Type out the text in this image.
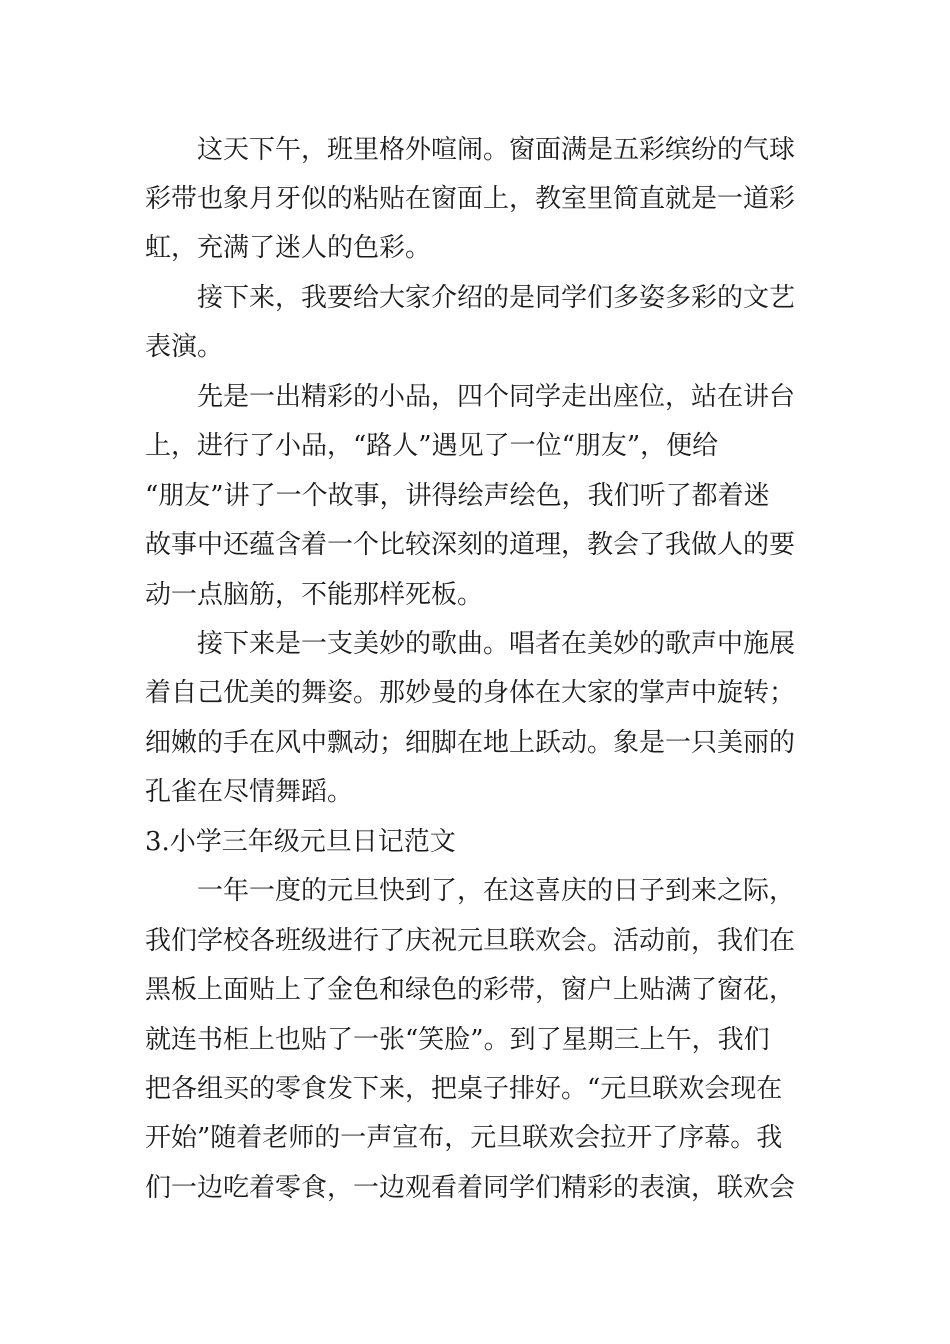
这天下午，班里格外喧闹。窗面满是五彩缤纷的气球
彩带也象月牙似的粘贴在窗面上，教室里简直就是一道彩
虹，充满了迷人的色彩。
接下来，我要给大家介绍的是同学们多姿多彩的文艺
表演。
先是一出精彩的小品，四个同学走出座位，站在讲台
上，进行了小品，“路人”遇见了一位“朋友”，便给
“朋友”讲了一个故事，讲得绘声绘色，我们听了都着迷
故事中还蕴含着一个比较深刻的道理，教会了我做人的要
动一点脑筋，不能那样死板。
接下来是一支美妙的歌曲。唱者在美妙的歌声中施展
着自己优美的舞姿。那妙曼的身体在大家的掌声中旋转；
细嫩的手在风中飘动；细脚在地上跃动。象是一只美丽的
孔雀在尽情舞蹈。
3.小学三年级元旦日记范文
一年一度的元旦快到了，在这喜庆的日子到来之际，
我们学校各班级进行了庆祝元旦联欢会。活动前，我们在
黑板上面贴上了金色和绿色的彩带，窗户上贴满了窗花，
就连书柜上也贴了一张“笑脸”。到了星期三上午，我们
把各组买的零食发下来，把桌子排好。“元旦联欢会现在
开始”随着老师的一声宣布，元旦联欢会拉开了序幕。我
们一边吃着零食，一边观看着同学们精彩的表演，联欢会
